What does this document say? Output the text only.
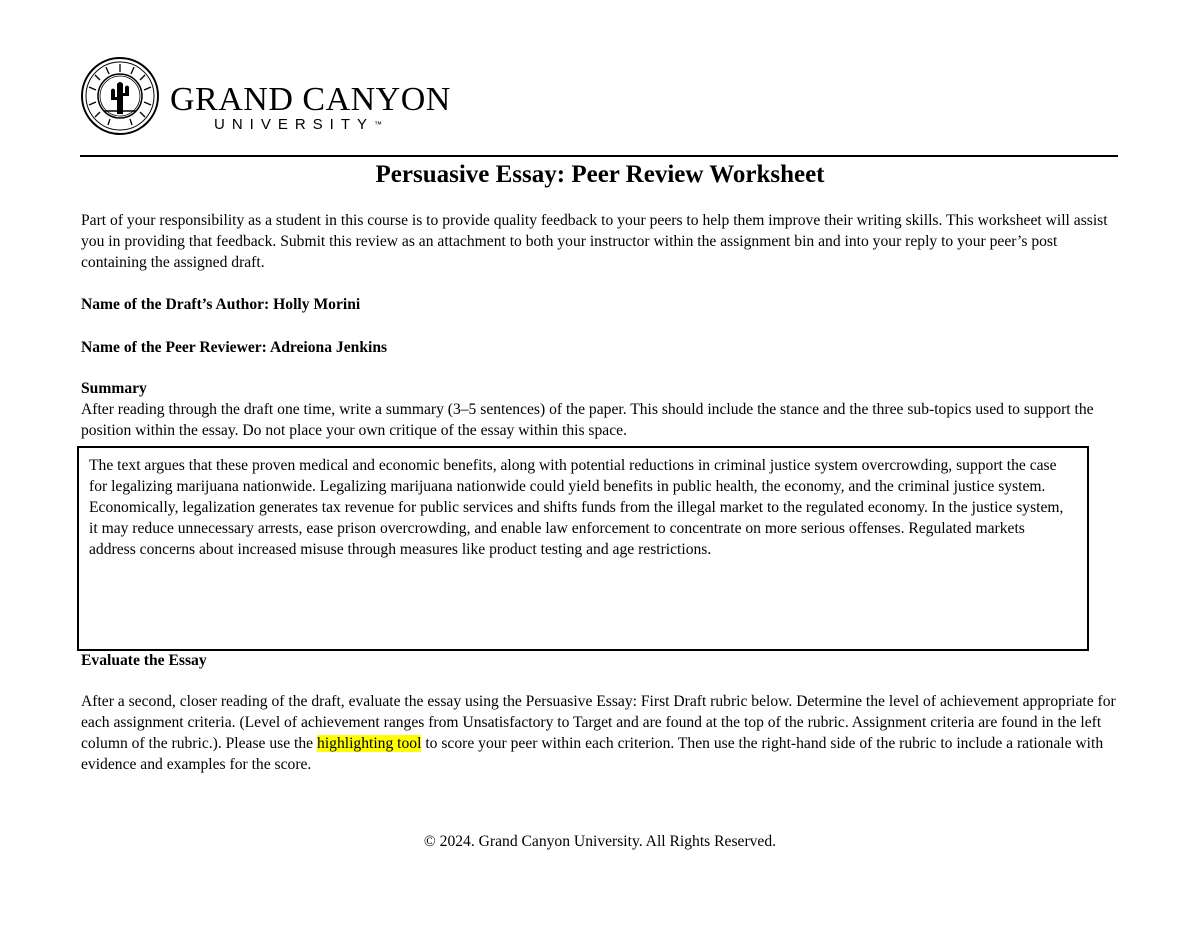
GRAND CANYON
UNIVERSITY™
Persuasive Essay: Peer Review Worksheet
Part of your responsibility as a student in this course is to provide quality feedback to your peers to help them improve their writing skills. This worksheet will assist you in providing that feedback. Submit this review as an attachment to both your instructor within the assignment bin and into your reply to your peer’s post containing the assigned draft.
Name of the Draft’s Author: Holly Morini
Name of the Peer Reviewer: Adreiona Jenkins
Summary
After reading through the draft one time, write a summary (3–5 sentences) of the paper. This should include the stance and the three sub-topics used to support the position within the essay. Do not place your own critique of the essay within this space.
The text argues that these proven medical and economic benefits, along with potential reductions in criminal justice system overcrowding, support the case for legalizing marijuana nationwide. Legalizing marijuana nationwide could yield benefits in public health, the economy, and the criminal justice system. Economically, legalization generates tax revenue for public services and shifts funds from the illegal market to the regulated economy. In the justice system, it may reduce unnecessary arrests, ease prison overcrowding, and enable law enforcement to concentrate on more serious offenses. Regulated markets address concerns about increased misuse through measures like product testing and age restrictions.
Evaluate the Essay
After a second, closer reading of the draft, evaluate the essay using the Persuasive Essay: First Draft rubric below. Determine the level of achievement appropriate for each assignment criteria. (Level of achievement ranges from Unsatisfactory to Target and are found at the top of the rubric. Assignment criteria are found in the left column of the rubric.). Please use the highlighting tool to score your peer within each criterion. Then use the right-hand side of the rubric to include a rationale with evidence and examples for the score.
© 2024. Grand Canyon University. All Rights Reserved.
